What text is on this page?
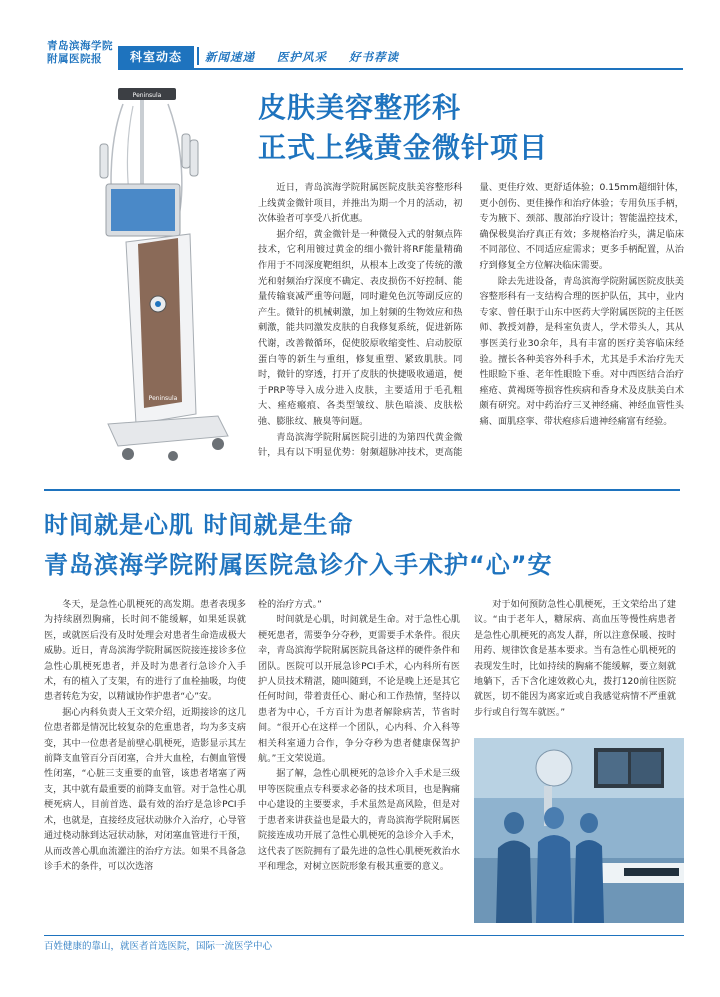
青岛滨海学院
附属医院报	科室动态	新闻速递 医护风采 好书荐读
Peninsula
Peninsula
皮肤美容整形科
正式上线黄金微针项目

近日，青岛滨海学院附属医院皮肤美容整形科上线黄金微针项目，并推出为期一个月的活动，初次体验者可享受八折优惠。

据介绍，黄金微针是一种微侵入式的射频点阵技术，它利用镀过黄金的细小微针将RF能量精确作用于不同深度靶组织，从根本上改变了传统的激光和射频治疗深度不确定、表皮损伤不好控制、能量传输衰减严重等问题，同时避免色沉等副反应的产生。微针的机械刺激，加上射频的生物效应和热刺激，能共同激发皮肤的自我修复系统，促进新陈代谢，改善微循环，促使胶原收缩变性、启动胶原蛋白等的新生与重组，修复重塑、紧致肌肤。同时，微针的穿透，打开了皮肤的快捷吸收通道，便于PRP等导入成分进入皮肤，主要适用于毛孔粗大、痤疮瘢痕、各类型皱纹、肤色暗淡、皮肤松弛、膨胀纹、腋臭等问题。

青岛滨海学院附属医院引进的为第四代黄金微针，具有以下明显优势：射频超脉冲技术，更高能量、更佳疗效、更舒适体验；0.15mm超细针体，更小创伤、更佳操作和治疗体验；专用负压手柄，专为腋下、颈部、腹部治疗设计；智能温控技术，确保极臭治疗真正有效；多规格治疗头，满足临床不同部位、不同适应症需求；更多手柄配置，从治疗到修复全方位解决临床需要。

除去先进设备，青岛滨海学院附属医院皮肤美容整形科有一支结构合理的医护队伍，其中，业内专家、曾任职于山东中医药大学附属医院的主任医师、教授刘静，是科室负责人，学术带头人，其从事医美行业30余年，具有丰富的医疗美容临床经验。擅长各种美容外科手术，尤其是手术治疗先天性眼睑下垂、老年性眼睑下垂。对中西医结合治疗痤疮、黄褐斑等损容性疾病和香身术及皮肤美白术颇有研究。对中药治疗三叉神经痛、神经血管性头痛、面肌痉挛、带状疱疹后遗神经痛富有经验。

时间就是心肌 时间就是生命
青岛滨海学院附属医院急诊介入手术护“心”安

冬天，是急性心肌梗死的高发期。患者表现多为持续剧烈胸痛，长时间不能缓解，如果延误就医，或就医后没有及时处理会对患者生命造成极大威胁。近日，青岛滨海学院附属医院接连接诊多位急性心肌梗死患者，并及时为患者行急诊介入手术，有的植入了支架，有的进行了血栓抽吸，均使患者转危为安，以精诚协作护患者“心”安。

据心内科负责人王文荣介绍，近期接诊的这几位患者都是情况比较复杂的危重患者，均为多支病变，其中一位患者是前壁心肌梗死，造影显示其左前降支血管百分百闭塞，合并大血栓，右侧血管慢性闭塞，“心脏三支重要的血管，该患者堵塞了两支，其中就有最重要的前降支血管。对于急性心肌梗死病人，目前首选、最有效的治疗是急诊PCI手术，也就是，直接经皮冠状动脉介入治疗，心导管通过桡动脉到达冠状动脉，对闭塞血管进行干预，从而改善心肌血流灌注的治疗方法。如果不具备急诊手术的条件，可以次选溶

栓的治疗方式。”

时间就是心肌，时间就是生命。对于急性心肌梗死患者，需要争分夺秒，更需要手术条件。很庆幸，青岛滨海学院附属医院具备这样的硬件条件和团队。医院可以开展急诊PCI手术，心内科所有医护人员技术精湛，随叫随到，不论是晚上还是其它任何时间，带着责任心、耐心和工作热情，坚持以患者为中心，千方百计为患者解除病苦，节省时间。“很开心在这样一个团队，心内科、介入科等相关科室通力合作，争分夺秒为患者健康保驾护航。”王文荣说道。

据了解，急性心肌梗死的急诊介入手术是三级甲等医院重点专科要求必备的技术项目，也是胸痛中心建设的主要要求，手术虽然是高风险，但是对于患者来讲获益也是最大的，青岛滨海学院附属医院接连成功开展了急性心肌梗死的急诊介入手术，这代表了医院拥有了最先进的急性心肌梗死救治水平和理念，对树立医院形象有极其重要的意义。

对于如何预防急性心肌梗死，王文荣给出了建议。“由于老年人，糖尿病、高血压等慢性病患者是急性心肌梗死的高发人群，所以注意保暖、按时用药、规律饮食是基本要求。当有急性心肌梗死的表现发生时，比如持续的胸痛不能缓解，要立刻就地躺下，舌下含化速效救心丸，拨打120前往医院就医，切不能因为离家近或自我感觉病情不严重就步行或自行驾车就医。”

百姓健康的靠山，就医者首选医院，国际一流医学中心
